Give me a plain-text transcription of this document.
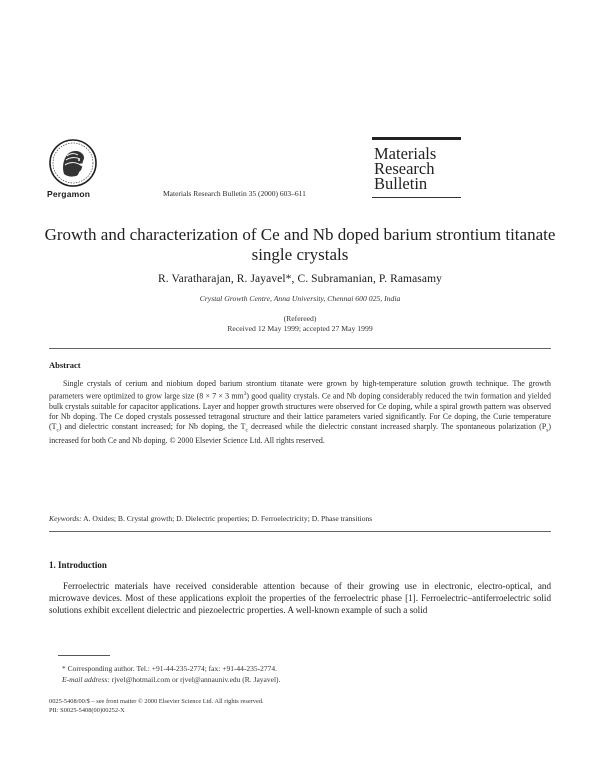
Pergamon	Materials Research Bulletin 35 (2000) 603–611
Materials
Research
Bulletin
Growth and characterization of Ce and Nb doped barium strontium titanate single crystals
R. Varatharajan, R. Jayavel*, C. Subramanian, P. Ramasamy
Crystal Growth Centre, Anna University, Chennai 600 025, India
(Refereed)
Received 12 May 1999; accepted 27 May 1999
Abstract
Single crystals of cerium and niobium doped barium strontium titanate were grown by high-temperature solution growth technique. The growth parameters were optimized to grow large size (8 × 7 × 3 $mm^3$) good quality crystals. Ce and Nb doping considerably reduced the twin formation and yielded bulk crystals suitable for capacitor applications. Layer and hopper growth structures were observed for Ce doping, while a spiral growth pattern was observed for Nb doping. The Ce doped crystals possessed tetragonal structure and their lattice parameters varied significantly. For Ce doping, the Curie temperature $(T_c)$ and dielectric constant increased; for Nb doping, the $T_c$ decreased while the dielectric constant increased sharply. The spontaneous polarization $(P_s)$ increased for both Ce and Nb doping. © 2000 Elsevier Science Ltd. All rights reserved.
Keywords: A. Oxides; B. Crystal growth; D. Dielectric properties; D. Ferroelectricity; D. Phase transitions
1. Introduction
Ferroelectric materials have received considerable attention because of their growing use in electronic, electro-optical, and microwave devices. Most of these applications exploit the properties of the ferroelectric phase [1]. Ferroelectric–antiferroelectric solid solutions exhibit excellent dielectric and piezoelectric properties. A well-known example of such a solid
* Corresponding author. Tel.: +91-44-235-2774; fax: +91-44-235-2774.
E-mail address: rjvel@hotmail.com or rjvel@annauniv.edu (R. Jayavel).
0025-5408/00/$ – see front matter © 2000 Elsevier Science Ltd. All rights reserved.
PII: S0025-5408(00)00252-X
